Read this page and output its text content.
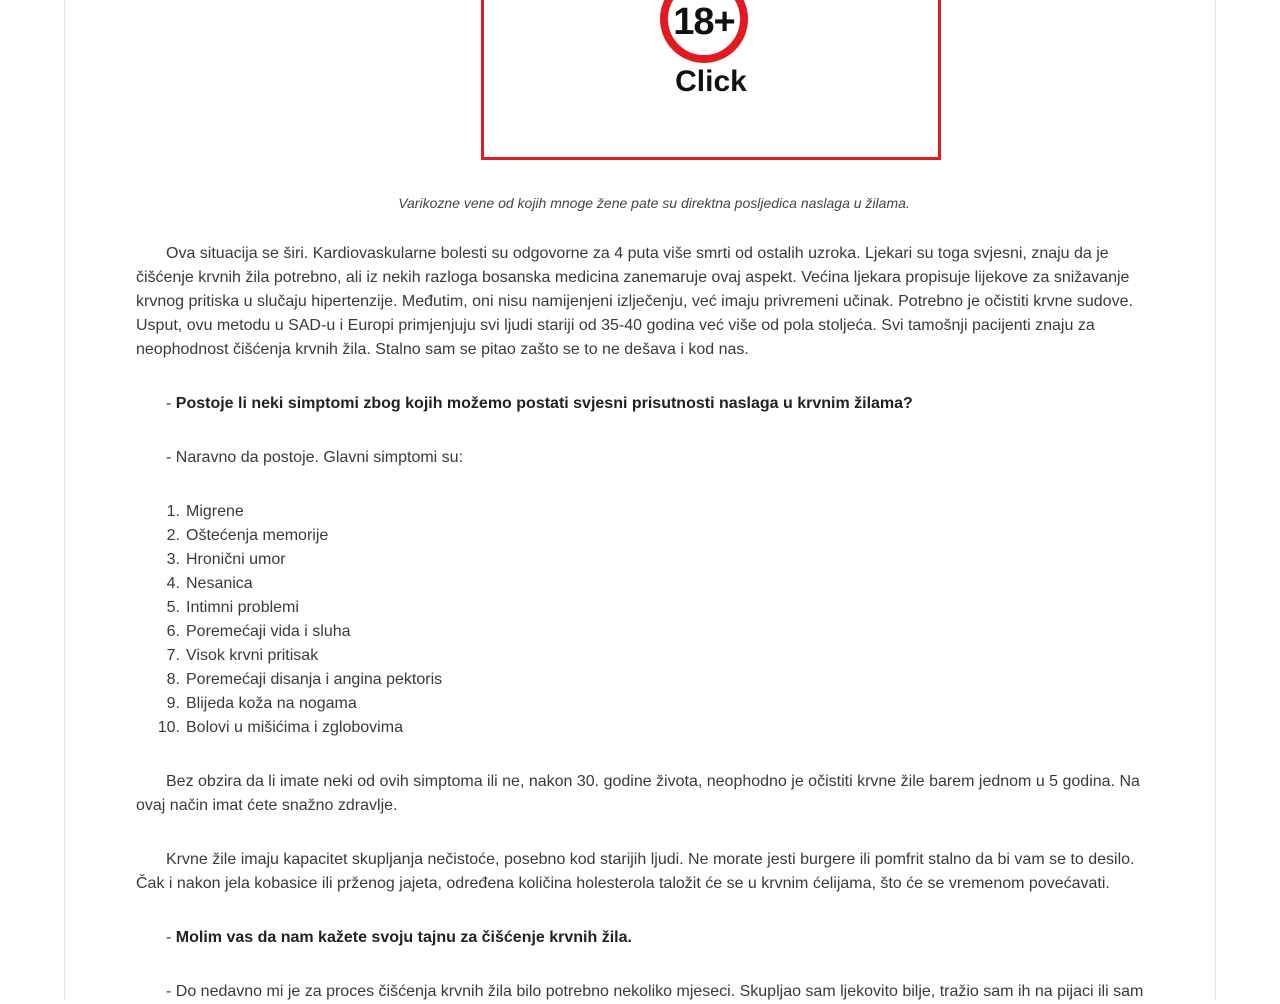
18+
Click
Varikozne vene od kojih mnoge žene pate su direktna posljedica naslaga u žilama.

Ova situacija se širi. Kardiovaskularne bolesti su odgovorne za 4 puta više smrti od ostalih uzroka. Ljekari su toga svjesni, znaju da je čišćenje krvnih žila potrebno, ali iz nekih razloga bosanska medicina zanemaruje ovaj aspekt. Većina ljekara propisuje lijekove za snižavanje krvnog pritiska u slučaju hipertenzije. Međutim, oni nisu namijenjeni izlječenju, već imaju privremeni učinak. Potrebno je očistiti krvne sudove. Usput, ovu metodu u SAD-u i Europi primjenjuju svi ljudi stariji od 35-40 godina već više od pola stoljeća. Svi tamošnji pacijenti znaju za neophodnost čišćenja krvnih žila. Stalno sam se pitao zašto se to ne dešava i kod nas.

- Postoje li neki simptomi zbog kojih možemo postati svjesni prisutnosti naslaga u krvnim žilama?

- Naravno da postoje. Glavni simptomi su:

1. Migrene
2. Oštećenja memorije
3. Hronični umor
4. Nesanica
5. Intimni problemi
6. Poremećaji vida i sluha
7. Visok krvni pritisak
8. Poremećaji disanja i angina pektoris
9. Blijeda koža na nogama
10. Bolovi u mišićima i zglobovima

Bez obzira da li imate neki od ovih simptoma ili ne, nakon 30. godine života, neophodno je očistiti krvne žile barem jednom u 5 godina. Na ovaj način imat ćete snažno zdravlje.

Krvne žile imaju kapacitet skupljanja nečistoće, posebno kod starijih ljudi. Ne morate jesti burgere ili pomfrit stalno da bi vam se to desilo. Čak i nakon jela kobasice ili prženog jajeta, određena količina holesterola taložit će se u krvnim ćelijama, što će se vremenom povećavati.

- Molim vas da nam kažete svoju tajnu za čišćenje krvnih žila.

- Do nedavno mi je za proces čišćenja krvnih žila bilo potrebno nekoliko mjeseci. Skupljao sam ljekovito bilje, tražio sam ih na pijaci ili sam
